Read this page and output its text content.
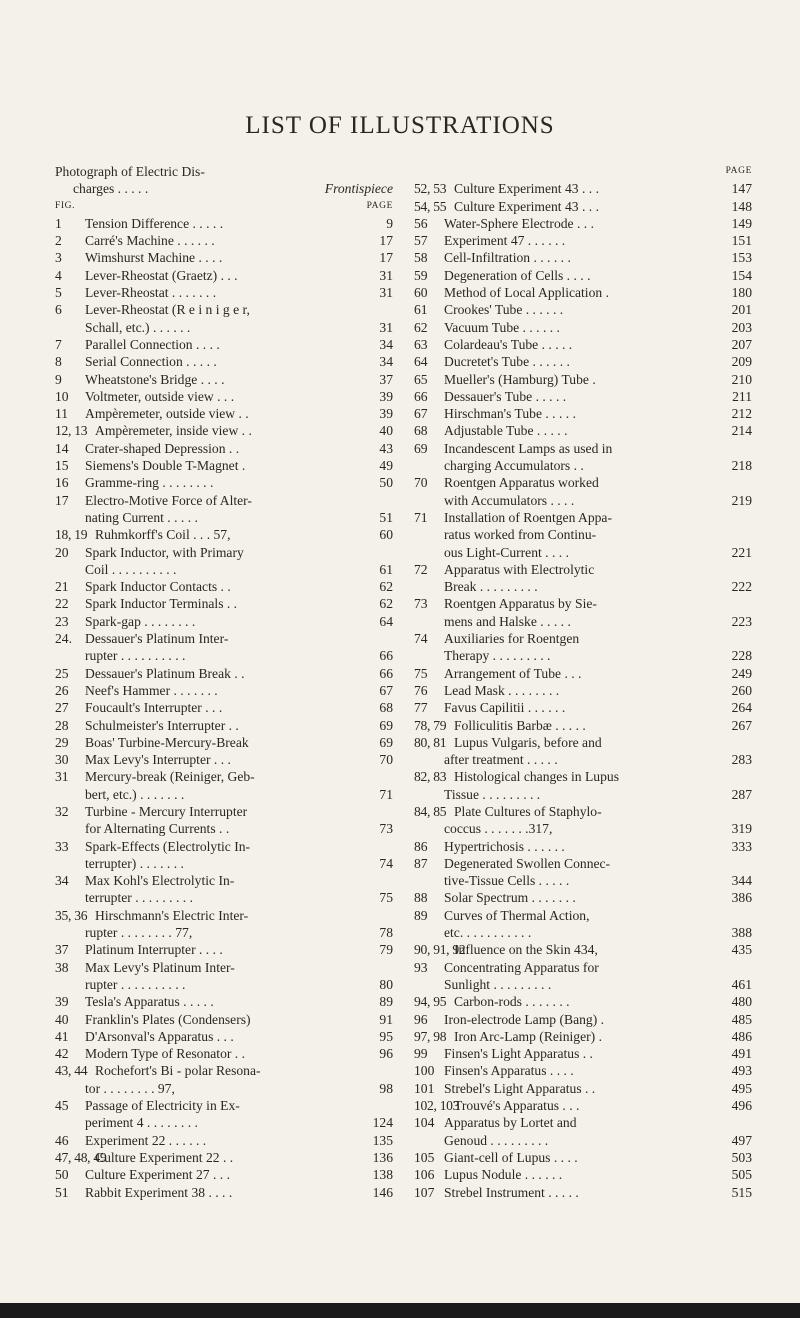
LIST OF ILLUSTRATIONS
Photograph of Electric Dis-
charges . . . . .	Frontispiece
FIG.	PAGE
1	Tension Difference . . . . .	9
2	Carré's Machine . . . . . .	17
3	Wimshurst Machine . . . .	17
4	Lever-Rheostat (Graetz) . . .	31
5	Lever-Rheostat . . . . . . .	31
6	Lever-Rheostat (R e i n i g e r,
Schall, etc.) . . . . . .	31
7	Parallel Connection . . . .	34
8	Serial Connection . . . . .	34
9	Wheatstone's Bridge . . . .	37
10	Voltmeter, outside view . . .	39
11	Ampèremeter, outside view . .	39
12, 13 Ampèremeter, inside view . .	40
14	Crater-shaped Depression . .	43
15	Siemens's Double T-Magnet .	49
16	Gramme-ring . . . . . . . .	50
17	Electro-Motive Force of Alter-
nating Current . . . . .	51
18, 19 Ruhmkorff's Coil . . . 57,	60
20	Spark Inductor, with Primary
Coil . . . . . . . . . .	61
21	Spark Inductor Contacts . .	62
22	Spark Inductor Terminals . .	62
23	Spark-gap . . . . . . . .	64
24. Dessauer's Platinum Inter-
rupter . . . . . . . . . .	66
25	Dessauer's Platinum Break . .	66
26	Neef's Hammer . . . . . . .	67
27	Foucault's Interrupter . . .	68
28	Schulmeister's Interrupter . .	69
29	Boas' Turbine-Mercury-Break	69
30	Max Levy's Interrupter . . .	70
31	Mercury-break (Reiniger, Geb-
bert, etc.) . . . . . . .	71
32	Turbine - Mercury Interrupter
for Alternating Currents . .	73
33	Spark-Effects (Electrolytic In-
terrupter) . . . . . . .	74
34	Max Kohl's Electrolytic In-
terrupter . . . . . . . . .	75
35, 36 Hirschmann's Electric Inter-
rupter . . . . . . . . 77,	78
37	Platinum Interrupter . . . .	79
38	Max Levy's Platinum Inter-
rupter . . . . . . . . . .	80
39	Tesla's Apparatus . . . . .	89
40	Franklin's Plates (Condensers)	91
41	D'Arsonval's Apparatus . . .	95
42	Modern Type of Resonator . .	96
43, 44 Rochefort's Bi - polar Resona-
tor . . . . . . . . 97,	98
45	Passage of Electricity in Ex-
periment 4 . . . . . . . .	124
46	Experiment 22 . . . . . .	135
47, 48, 49
Culture Experiment 22 . .	136
50	Culture Experiment 27 . . .	138
51	Rabbit Experiment 38 . . . .	146
PAGE
52, 53 Culture Experiment 43 . . .	147
54, 55 Culture Experiment 43 . . .	148
56	Water-Sphere Electrode . . .	149
57	Experiment 47 . . . . . .	151
58	Cell-Infiltration . . . . . .	153
59	Degeneration of Cells . . . .	154
60	Method of Local Application .	180
61	Crookes' Tube . . . . . .	201
62	Vacuum Tube . . . . . .	203
63	Colardeau's Tube . . . . .	207
64	Ducretet's Tube . . . . . .	209
65	Mueller's (Hamburg) Tube .	210
66	Dessauer's Tube . . . . .	211
67	Hirschman's Tube . . . . .	212
68	Adjustable Tube . . . . .	214
69	Incandescent Lamps as used in
charging Accumulators . .	218
70	Roentgen Apparatus worked
with Accumulators . . . .	219
71	Installation of Roentgen Appa-
ratus worked from Continu-
ous Light-Current . . . .	221
72	Apparatus with Electrolytic
Break . . . . . . . . .	222
73	Roentgen Apparatus by Sie-
mens and Halske . . . . .	223
74	Auxiliaries for Roentgen
Therapy . . . . . . . . .	228
75	Arrangement of Tube . . .	249
76	Lead Mask . . . . . . . .	260
77	Favus Capilitii . . . . . .	264
78, 79 Folliculitis Barbæ . . . . .	267
80, 81 Lupus Vulgaris, before and
after treatment . . . . .	283
82, 83 Histological changes in Lupus
Tissue . . . . . . . . .	287
84, 85 Plate Cultures of Staphylo-
coccus . . . . . . .317,	319
86	Hypertrichosis . . . . . .	333
87	Degenerated Swollen Connec-
tive-Tissue Cells . . . . .	344
88	Solar Spectrum . . . . . . .	386
89	Curves of Thermal Action,
etc. . . . . . . . . . .	388
90, 91, 92
Influence on the Skin 434,	435
93	Concentrating Apparatus for
Sunlight . . . . . . . . .	461
94, 95 Carbon-rods . . . . . . .	480
96	Iron-electrode Lamp (Bang) .	485
97, 98 Iron Arc-Lamp (Reiniger) .	486
99	Finsen's Light Apparatus . .	491
100 Finsen's Apparatus . . . .	493
101 Strebel's Light Apparatus . .	495
102, 103
Trouvé's Apparatus . . .	496
104 Apparatus by Lortet and
Genoud . . . . . . . . .	497
105 Giant-cell of Lupus . . . .	503
106 Lupus Nodule . . . . . .	505
107 Strebel Instrument . . . . .	515
